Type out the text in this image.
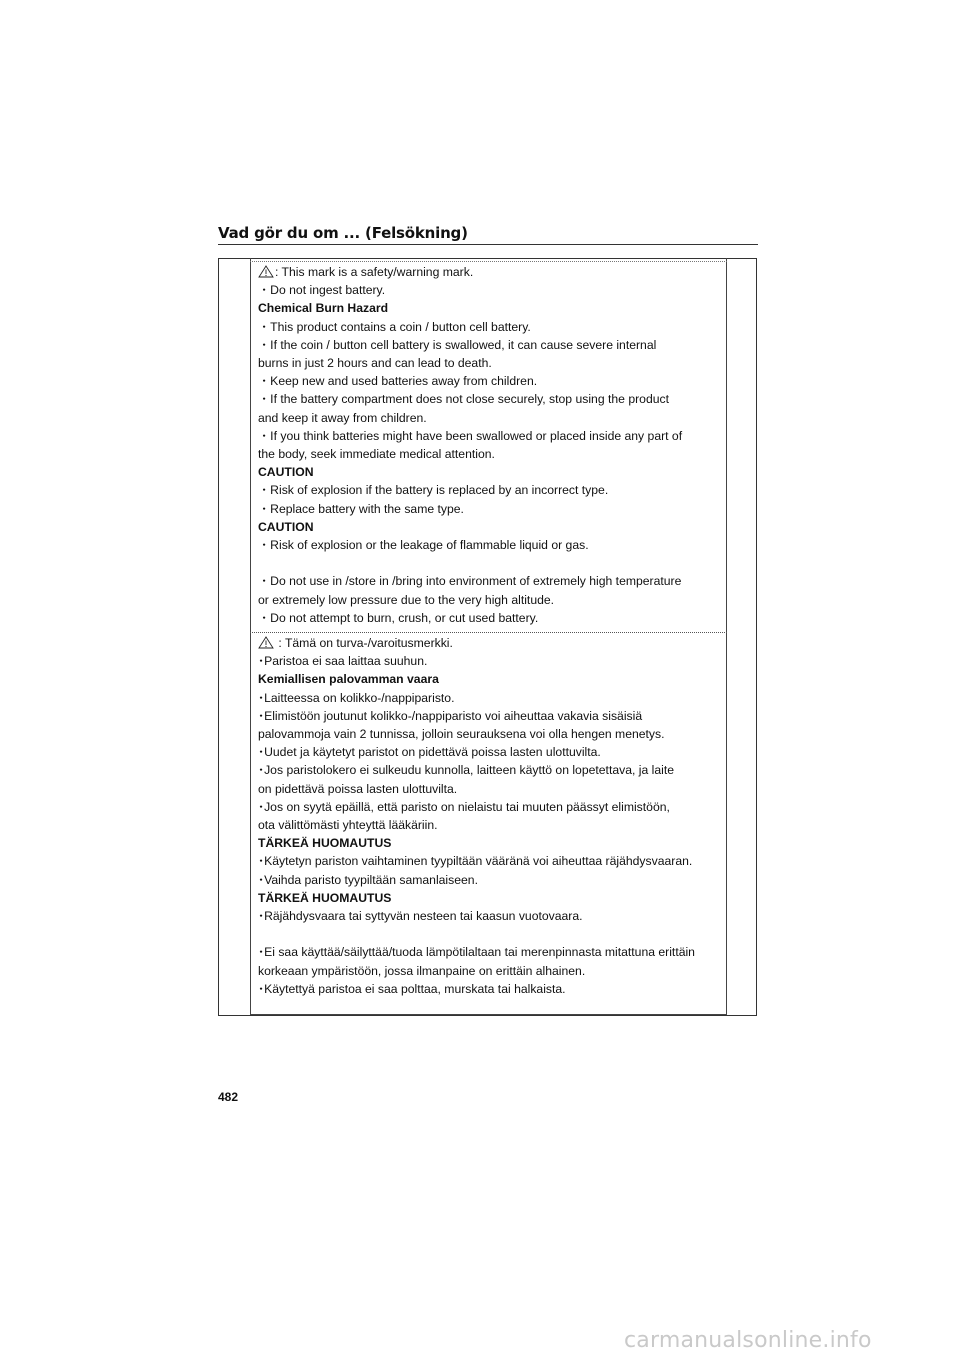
Vad gör du om ... (Felsökning)
: This mark is a safety/warning mark.
・Do not ingest battery.
Chemical Burn Hazard
・This product contains a coin / button cell battery.
・If the coin / button cell battery is swallowed, it can cause severe internal
burns in just 2 hours and can lead to death.
・Keep new and used batteries away from children.
・If the battery compartment does not close securely, stop using the product
and keep it away from children.
・If you think batteries might have been swallowed or placed inside any part of
the body, seek immediate medical attention.
CAUTION
・Risk of explosion if the battery is replaced by an incorrect type.
・Replace battery with the same type.
CAUTION
・Risk of explosion or the leakage of flammable liquid or gas.
・Do not use in /store in /bring into environment of extremely high temperature
or extremely low pressure due to the very high altitude.
・Do not attempt to burn, crush, or cut used battery.
: Tämä on turva-/varoitusmerkki.
･Paristoa ei saa laittaa suuhun.
Kemiallisen palovamman vaara
･Laitteessa on kolikko-/nappiparisto.
･Elimistöön joutunut kolikko-/nappiparisto voi aiheuttaa vakavia sisäisiä
palovammoja vain 2 tunnissa, jolloin seurauksena voi olla hengen menetys.
･Uudet ja käytetyt paristot on pidettävä poissa lasten ulottuvilta.
･Jos paristolokero ei sulkeudu kunnolla, laitteen käyttö on lopetettava, ja laite
on pidettävä poissa lasten ulottuvilta.
･Jos on syytä epäillä, että paristo on nielaistu tai muuten päässyt elimistöön,
ota välittömästi yhteyttä lääkäriin.
TÄRKEÄ HUOMAUTUS
･Käytetyn pariston vaihtaminen tyypiltään vääränä voi aiheuttaa räjähdysvaaran.
･Vaihda paristo tyypiltään samanlaiseen.
TÄRKEÄ HUOMAUTUS
･Räjähdysvaara tai syttyvän nesteen tai kaasun vuotovaara.
･Ei saa käyttää/säilyttää/tuoda lämpötilaltaan tai merenpinnasta mitattuna erittäin
korkeaan ympäristöön, jossa ilmanpaine on erittäin alhainen.
･Käytettyä paristoa ei saa polttaa, murskata tai halkaista.
482
carmanualsonline.info
